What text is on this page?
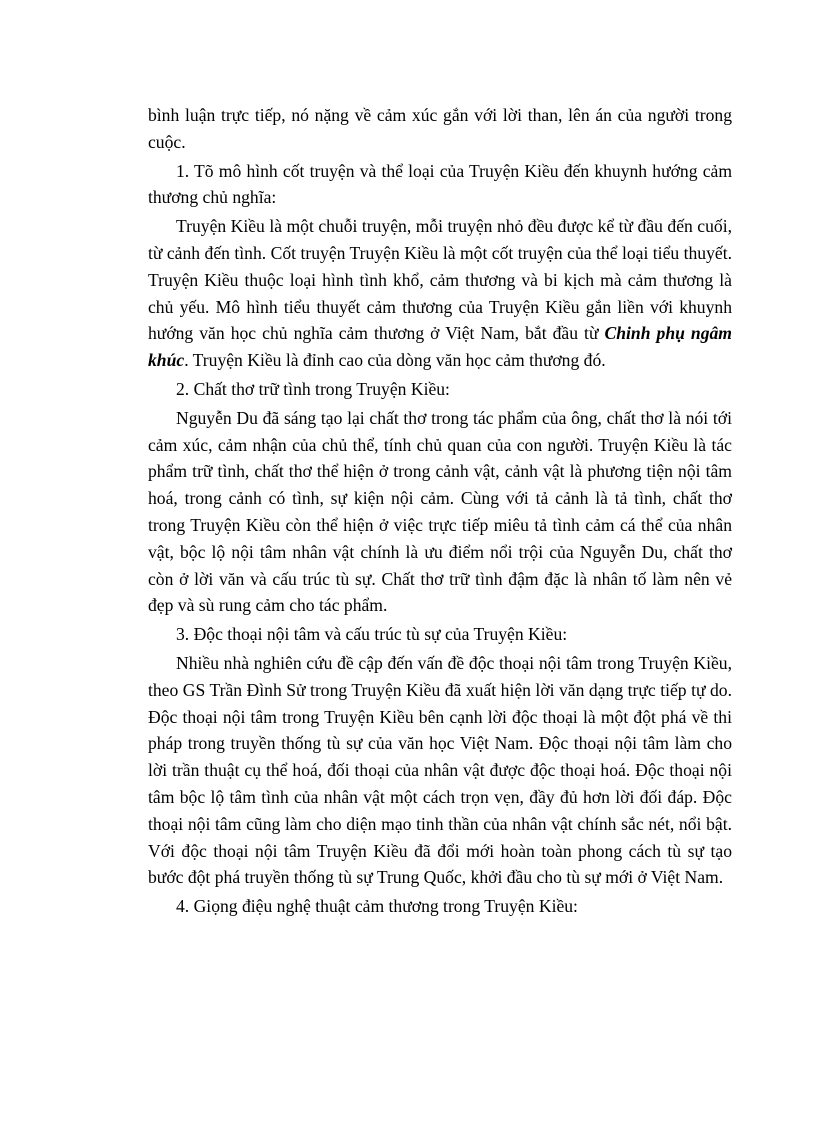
bình luận trực tiếp, nó nặng về cảm xúc gắn với lời than, lên án của người trong cuộc.

1. Tõ mô hình cốt truyện và thể loại của Truyện Kiều đến khuynh hướng cảm thương chủ nghĩa:

Truyện Kiều là một chuỗi truyện, mỗi truyện nhỏ đều được kể từ đầu đến cuối, từ cảnh đến tình. Cốt truyện Truyện Kiều là một cốt truyện của thể loại tiểu thuyết. Truyện Kiều thuộc loại hình tình khổ, cảm thương và bi kịch mà cảm thương là chủ yếu. Mô hình tiểu thuyết cảm thương của Truyện Kiều gắn liền với khuynh hướng văn học chủ nghĩa cảm thương ở Việt Nam, bắt đầu từ Chinh phụ ngâm khúc. Truyện Kiều là đỉnh cao của dòng văn học cảm thương đó.

2. Chất thơ trữ tình trong Truyện Kiều:

Nguyễn Du đã sáng tạo lại chất thơ trong tác phẩm của ông, chất thơ là nói tới cảm xúc, cảm nhận của chủ thể, tính chủ quan của con người. Truyện Kiều là tác phẩm trữ tình, chất thơ thể hiện ở trong cảnh vật, cảnh vật là phương tiện nội tâm hoá, trong cảnh có tình, sự kiện nội cảm. Cùng với tả cảnh là tả tình, chất thơ trong Truyện Kiều còn thể hiện ở việc trực tiếp miêu tả tình cảm cá thể của nhân vật, bộc lộ nội tâm nhân vật chính là ưu điểm nổi trội của Nguyễn Du, chất thơ còn ở lời văn và cấu trúc tù sự. Chất thơ trữ tình đậm đặc là nhân tố làm nên vẻ đẹp và sù rung cảm cho tác phẩm.

3. Độc thoại nội tâm và cấu trúc tù sự của Truyện Kiều:

Nhiều nhà nghiên cứu đề cập đến vấn đề độc thoại nội tâm trong Truyện Kiều, theo GS Trần Đình Sử trong Truyện Kiều đã xuất hiện lời văn dạng trực tiếp tự do. Độc thoại nội tâm trong Truyện Kiều bên cạnh lời độc thoại là một đột phá về thi pháp trong truyền thống tù sự của văn học Việt Nam. Độc thoại nội tâm làm cho lời trần thuật cụ thể hoá, đối thoại của nhân vật được độc thoại hoá. Độc thoại nội tâm bộc lộ tâm tình của nhân vật một cách trọn vẹn, đầy đủ hơn lời đối đáp. Độc thoại nội tâm cũng làm cho diện mạo tinh thần của nhân vật chính sắc nét, nổi bật. Với độc thoại nội tâm Truyện Kiều đã đổi mới hoàn toàn phong cách tù sự tạo bước đột phá truyền thống tù sự Trung Quốc, khởi đầu cho tù sự mới ở Việt Nam.

4. Giọng điệu nghệ thuật cảm thương trong Truyện Kiều:
